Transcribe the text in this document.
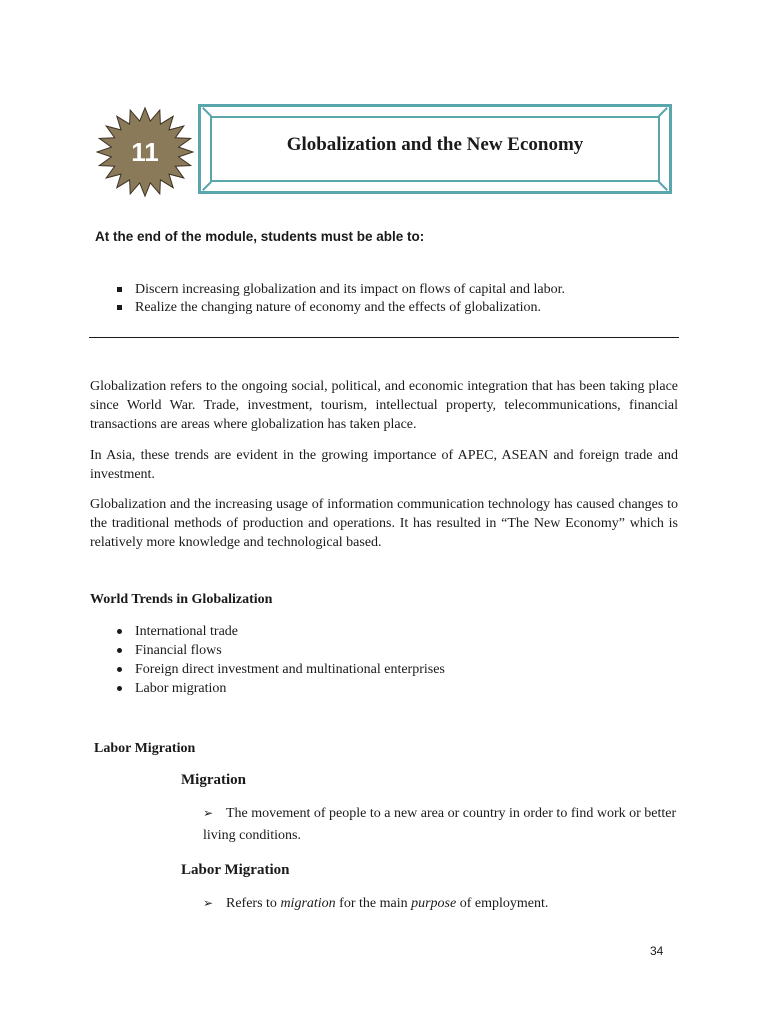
11	Globalization and the New Economy
At the end of the module, students must be able to:
Discern increasing globalization and its impact on flows of capital and labor.
Realize the changing nature of economy and the effects of globalization.

Globalization refers to the ongoing social, political, and economic integration that has been taking place since World War. Trade, investment, tourism, intellectual property, telecommunications, financial transactions are areas where globalization has taken place.

In Asia, these trends are evident in the growing importance of APEC, ASEAN and foreign trade and investment.

Globalization and the increasing usage of information communication technology has caused changes to the traditional methods of production and operations. It has resulted in “The New Economy” which is relatively more knowledge and technological based.

World Trends in Globalization
International trade
Financial flows
Foreign direct investment and multinational enterprises
Labor migration
Labor Migration
Migration
➢ The movement of people to a new area or country in order to find work or better living conditions.
Labor Migration
➢ Refers to migration for the main purpose of employment.
34
